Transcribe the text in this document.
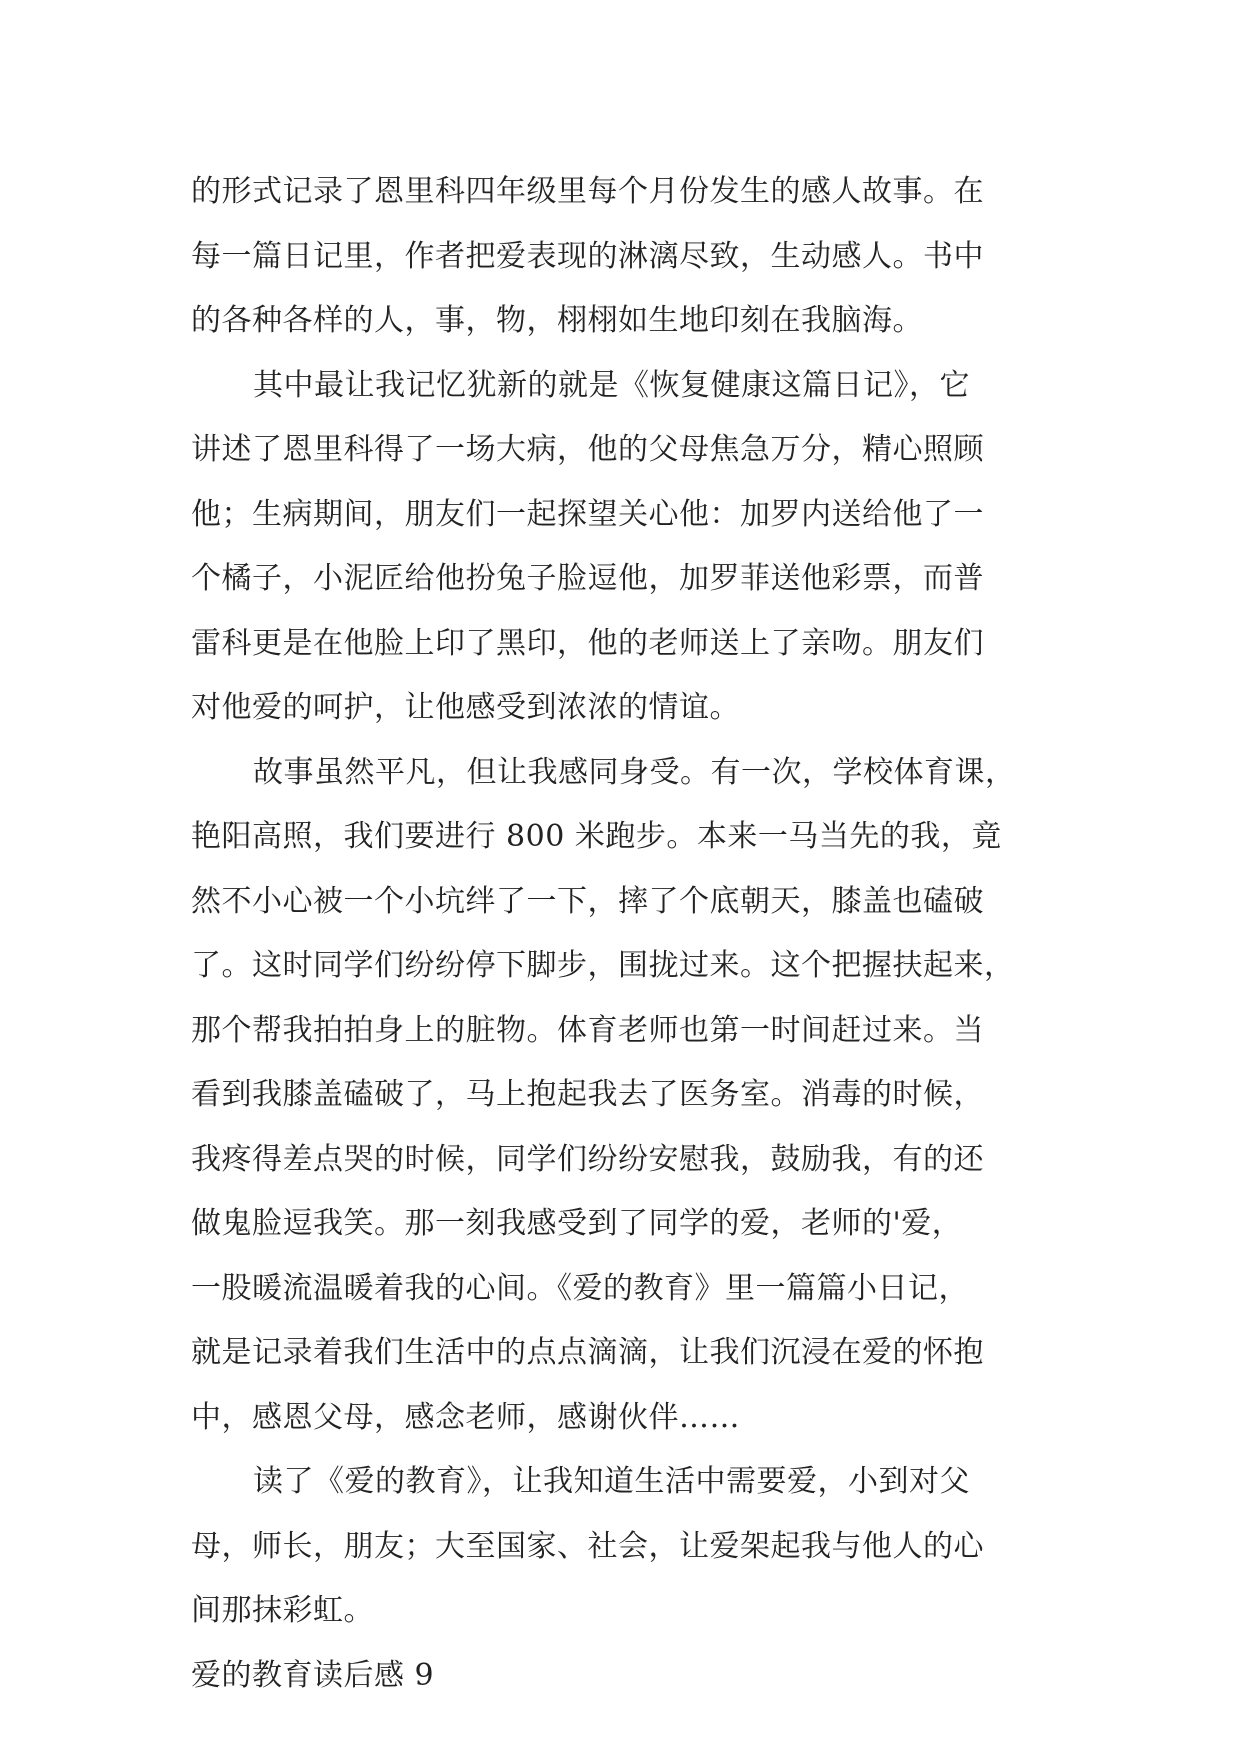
的形式记录了恩里科四年级里每个月份发生的感人故事。在
每一篇日记里，作者把爱表现的淋漓尽致，生动感人。书中
的各种各样的人，事，物，栩栩如生地印刻在我脑海。
其中最让我记忆犹新的就是《恢复健康这篇日记》，它
讲述了恩里科得了一场大病，他的父母焦急万分，精心照顾
他；生病期间，朋友们一起探望关心他：加罗内送给他了一
个橘子，小泥匠给他扮兔子脸逗他，加罗菲送他彩票，而普
雷科更是在他脸上印了黑印，他的老师送上了亲吻。朋友们
对他爱的呵护，让他感受到浓浓的情谊。
故事虽然平凡，但让我感同身受。有一次，学校体育课，
艳阳高照，我们要进行 800 米跑步。本来一马当先的我，竟
然不小心被一个小坑绊了一下，摔了个底朝天，膝盖也磕破
了。这时同学们纷纷停下脚步，围拢过来。这个把握扶起来，
那个帮我拍拍身上的脏物。体育老师也第一时间赶过来。当
看到我膝盖磕破了，马上抱起我去了医务室。消毒的时候，
我疼得差点哭的时候，同学们纷纷安慰我，鼓励我，有的还
做鬼脸逗我笑。那一刻我感受到了同学的爱，老师的'爱，
一股暖流温暖着我的心间。《爱的教育》里一篇篇小日记，
就是记录着我们生活中的点点滴滴，让我们沉浸在爱的怀抱
中，感恩父母，感念老师，感谢伙伴……
读了《爱的教育》，让我知道生活中需要爱，小到对父
母，师长，朋友；大至国家、社会，让爱架起我与他人的心
间那抹彩虹。
爱的教育读后感 9
